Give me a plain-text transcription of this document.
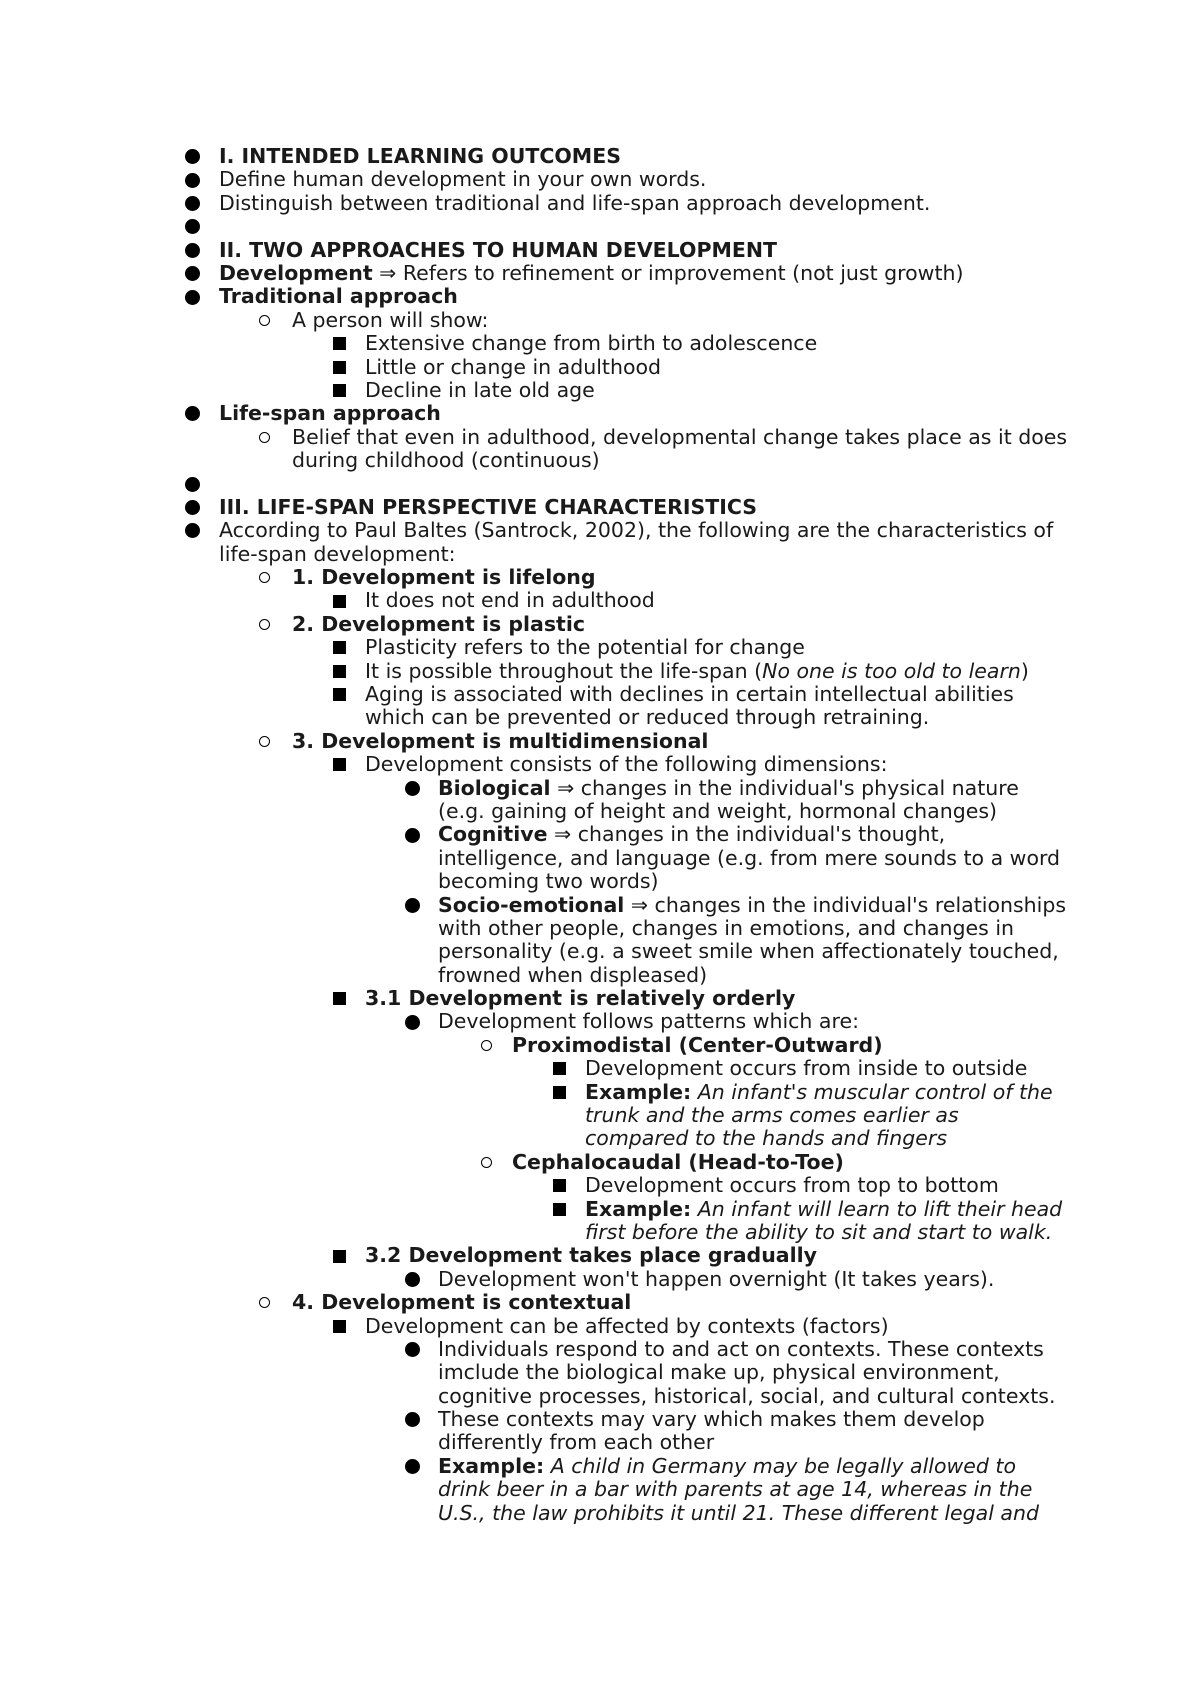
I. INTENDED LEARNING OUTCOMES
Define human development in your own words.
Distinguish between traditional and life-span approach development.
II. TWO APPROACHES TO HUMAN DEVELOPMENT
Development ⇒ Refers to refinement or improvement (not just growth)
Traditional approach
A person will show:
Extensive change from birth to adolescence
Little or change in adulthood
Decline in late old age
Life-span approach
Belief that even in adulthood, developmental change takes place as it does
during childhood (continuous)
III. LIFE-SPAN PERSPECTIVE CHARACTERISTICS
According to Paul Baltes (Santrock, 2002), the following are the characteristics of
life-span development:
1. Development is lifelong
It does not end in adulthood
2. Development is plastic
Plasticity refers to the potential for change
It is possible throughout the life-span (No one is too old to learn)
Aging is associated with declines in certain intellectual abilities
which can be prevented or reduced through retraining.
3. Development is multidimensional
Development consists of the following dimensions:
Biological ⇒ changes in the individual's physical nature
(e.g. gaining of height and weight, hormonal changes)
Cognitive ⇒ changes in the individual's thought,
intelligence, and language (e.g. from mere sounds to a word
becoming two words)
Socio-emotional ⇒ changes in the individual's relationships
with other people, changes in emotions, and changes in
personality (e.g. a sweet smile when affectionately touched,
frowned when displeased)
3.1 Development is relatively orderly
Development follows patterns which are:
Proximodistal (Center-Outward)
Development occurs from inside to outside
Example: An infant's muscular control of the
trunk and the arms comes earlier as
compared to the hands and fingers
Cephalocaudal (Head-to-Toe)
Development occurs from top to bottom
Example: An infant will learn to lift their head
first before the ability to sit and start to walk.
3.2 Development takes place gradually
Development won't happen overnight (It takes years).
4. Development is contextual
Development can be affected by contexts (factors)
Individuals respond to and act on contexts. These contexts
imclude the biological make up, physical environment,
cognitive processes, historical, social, and cultural contexts.
These contexts may vary which makes them develop
differently from each other
Example: A child in Germany may be legally allowed to
drink beer in a bar with parents at age 14, whereas in the
U.S., the law prohibits it until 21. These different legal and
